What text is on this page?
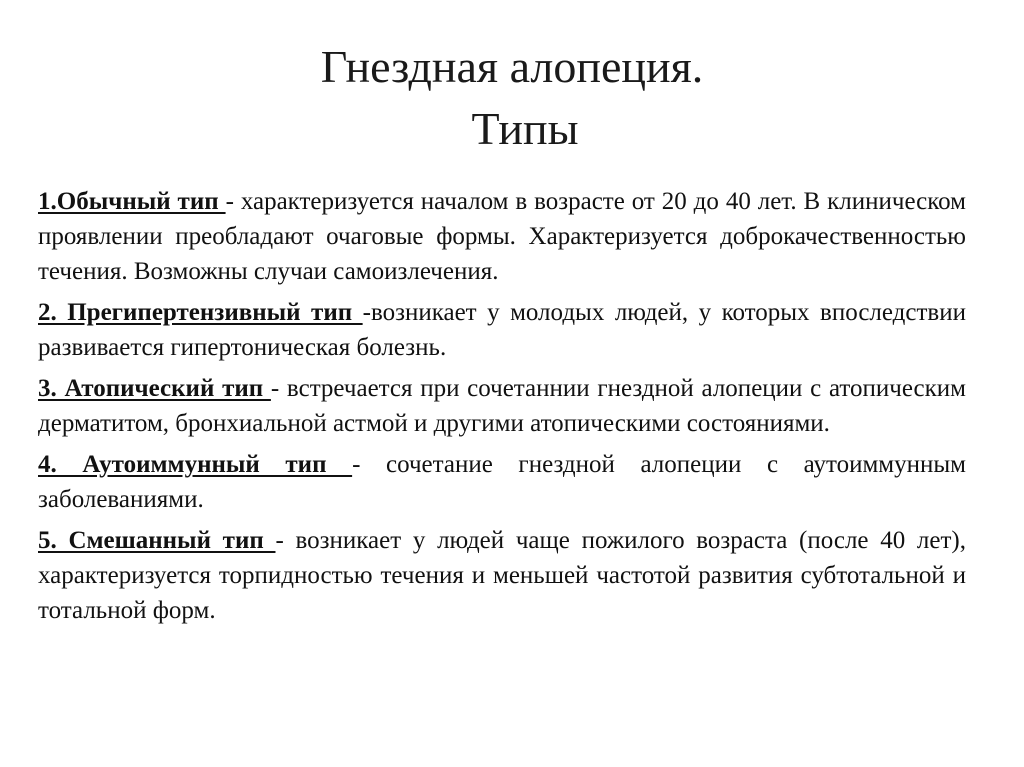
Гнездная алопеция.
Типы

1.Обычный тип - характеризуется началом в возрасте от 20 до 40 лет. В клиническом проявлении преобладают очаговые формы. Характеризуется доброкачественностью течения. Возможны случаи самоизлечения.

2. Прегипертензивный тип -возникает у молодых людей, у которых впоследствии развивается гипертоническая болезнь.

3. Атопический тип - встречается при сочетаннии гнездной алопеции с атопическим дерматитом, бронхиальной астмой и другими атопическими состояниями.

4. Аутоиммунный тип - сочетание гнездной алопеции с аутоиммунным заболеваниями.

5. Смешанный тип - возникает у людей чаще пожилого возраста (после 40 лет), характеризуется торпидностью течения и меньшей частотой развития субтотальной и тотальной форм.
